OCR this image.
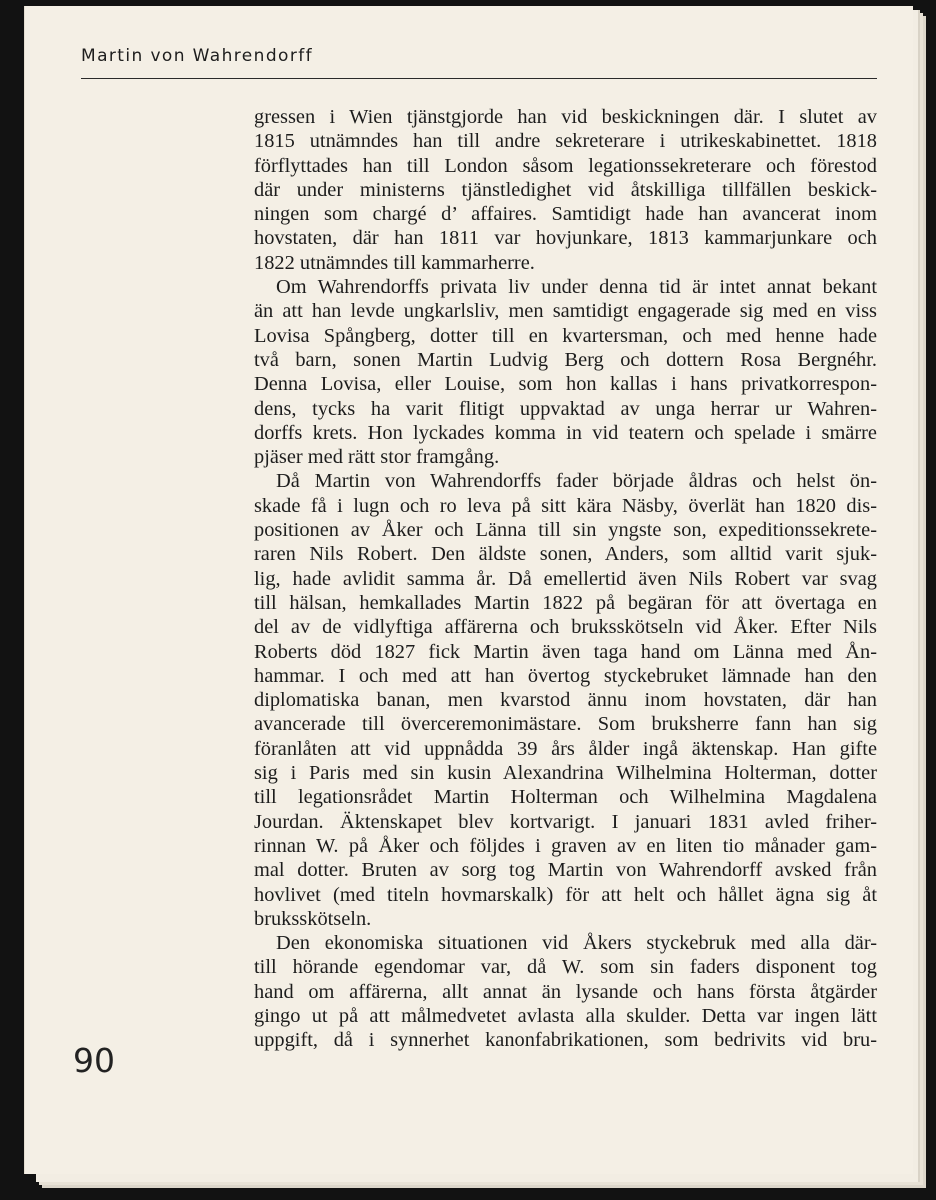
Martin von Wahrendorff
gressen i Wien tjänstgjorde han vid beskickningen där. I slutet av
1815 utnämndes han till andre sekreterare i utrikeskabinettet. 1818
förflyttades han till London såsom legationssekreterare och förestod
där under ministerns tjänstledighet vid åtskilliga tillfällen beskick-
ningen som chargé d’ affaires. Samtidigt hade han avancerat inom
hovstaten, där han 1811 var hovjunkare, 1813 kammarjunkare och
1822 utnämndes till kammarherre.
Om Wahrendorffs privata liv under denna tid är intet annat bekant
än att han levde ungkarlsliv, men samtidigt engagerade sig med en viss
Lovisa Spångberg, dotter till en kvartersman, och med henne hade
två barn, sonen Martin Ludvig Berg och dottern Rosa Bergnéhr.
Denna Lovisa, eller Louise, som hon kallas i hans privatkorrespon-
dens, tycks ha varit flitigt uppvaktad av unga herrar ur Wahren-
dorffs krets. Hon lyckades komma in vid teatern och spelade i smärre
pjäser med rätt stor framgång.
Då Martin von Wahrendorffs fader började åldras och helst ön-
skade få i lugn och ro leva på sitt kära Näsby, överlät han 1820 dis-
positionen av Åker och Länna till sin yngste son, expeditionssekrete-
raren Nils Robert. Den äldste sonen, Anders, som alltid varit sjuk-
lig, hade avlidit samma år. Då emellertid även Nils Robert var svag
till hälsan, hemkallades Martin 1822 på begäran för att övertaga en
del av de vidlyftiga affärerna och bruksskötseln vid Åker. Efter Nils
Roberts död 1827 fick Martin även taga hand om Länna med Ån-
hammar. I och med att han övertog styckebruket lämnade han den
diplomatiska banan, men kvarstod ännu inom hovstaten, där han
avancerade till överceremonimästare. Som bruksherre fann han sig
föranlåten att vid uppnådda 39 års ålder ingå äktenskap. Han gifte
sig i Paris med sin kusin Alexandrina Wilhelmina Holterman, dotter
till legationsrådet Martin Holterman och Wilhelmina Magdalena
Jourdan. Äktenskapet blev kortvarigt. I januari 1831 avled friher-
rinnan W. på Åker och följdes i graven av en liten tio månader gam-
mal dotter. Bruten av sorg tog Martin von Wahrendorff avsked från
hovlivet (med titeln hovmarskalk) för att helt och hållet ägna sig åt
bruksskötseln.
Den ekonomiska situationen vid Åkers styckebruk med alla där-
till hörande egendomar var, då W. som sin faders disponent tog
hand om affärerna, allt annat än lysande och hans första åtgärder
gingo ut på att målmedvetet avlasta alla skulder. Detta var ingen lätt
uppgift, då i synnerhet kanonfabrikationen, som bedrivits vid bru-
90
